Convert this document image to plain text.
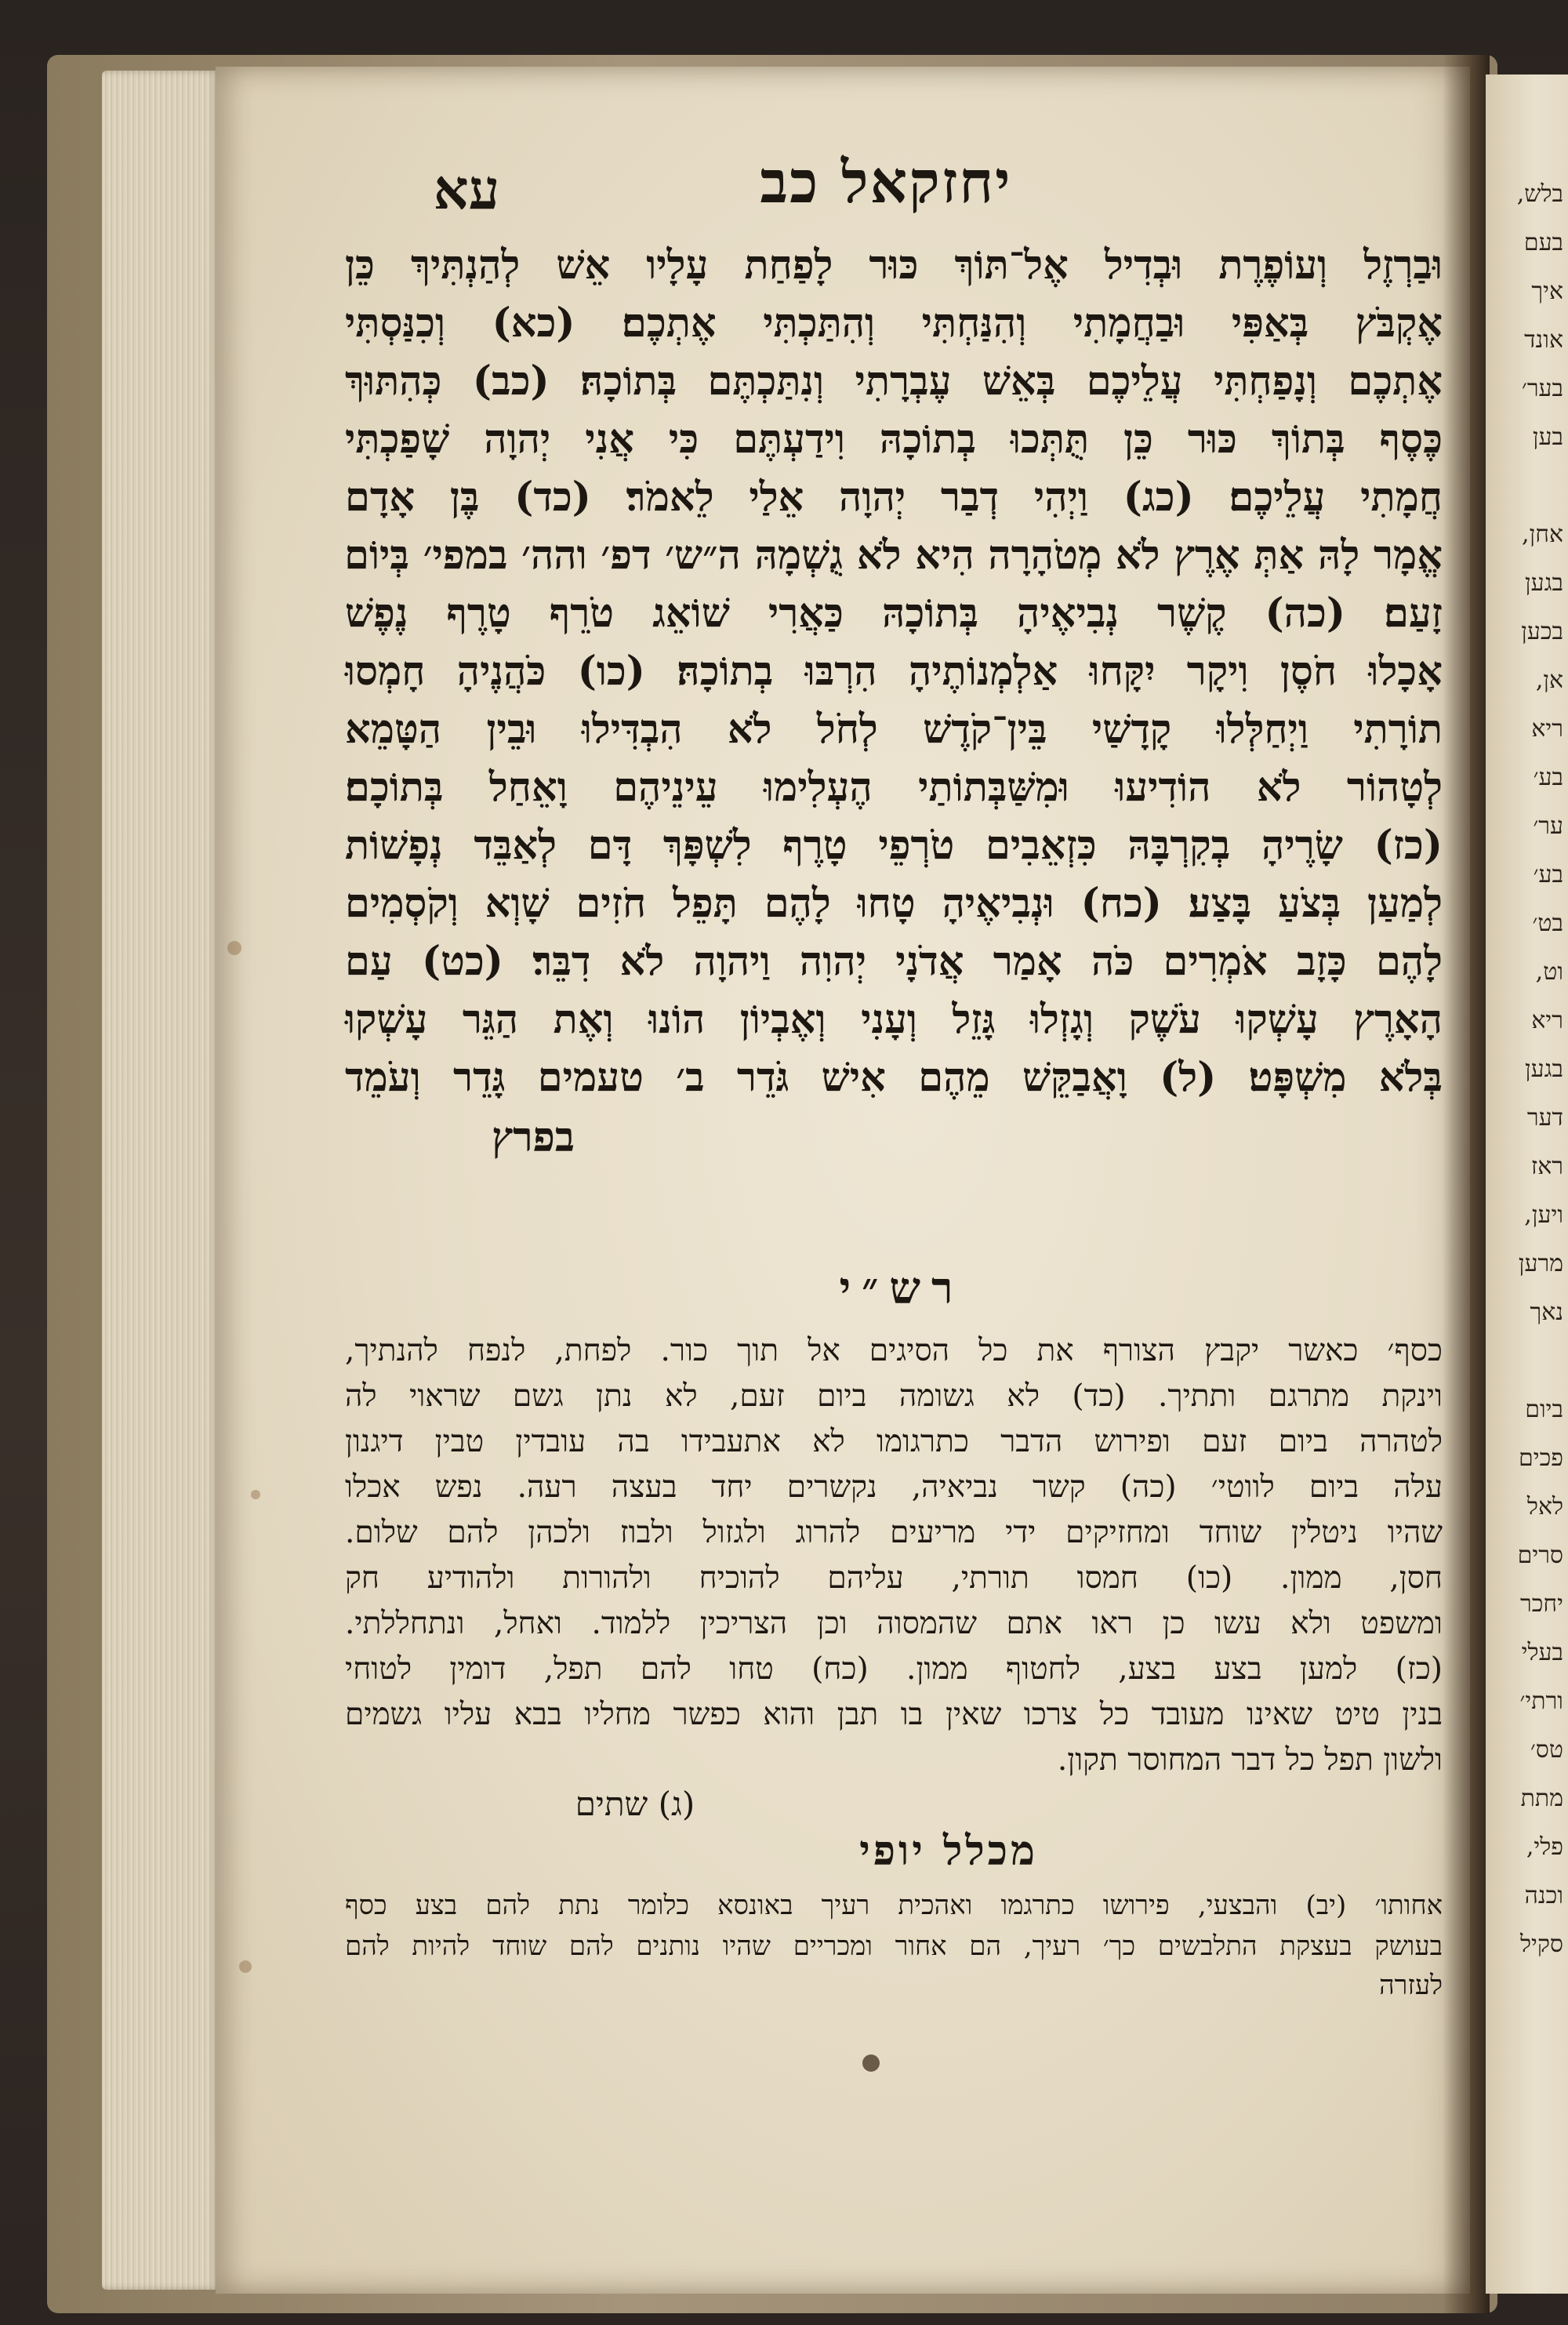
בלש,
בעם
איך
אונד
בער׳
בען
אחן,
בגען
בכען
אן,
ריא
בע׳
ער׳
בע׳
בט׳
וט,
ריא
בגען
דער
ראז
ויען,
מרען
נאך
ביום
פכים
לאל
סרים
יחכר
בעלי
ורתי׳
טס׳
מתת
פלי,
וכנה
סקיל
יחזקאל כב
עא
וּבַרְזֶל וְעוֹפֶרֶת וּבְדִיל אֶל־תּוֹךְ כּוּר לָפַחַת עָלָיו אֵשׁ לְהַנְתִּיךְ כֵּן
אֶקְבֹּץ בְּאַפִּי וּבַחֲמָתִי וְהִנַּחְתִּי וְהִתַּכְתִּי אֶתְכֶם׃ (כא) וְכִנַּסְתִּי
אֶתְכֶם וְנָפַחְתִּי עֲלֵיכֶם בְּאֵשׁ עֶבְרָתִי וְנִתַּכְתֶּם בְּתוֹכָהּ׃ (כב) כְּהִתּוּךְ
כֶּסֶף בְּתוֹךְ כּוּר כֵּן תֻּתְּכוּ בְתוֹכָהּ וִידַעְתֶּם כִּי אֲנִי יְהוָה שָׁפַכְתִּי
חֲמָתִי עֲלֵיכֶם׃ (כג) וַיְהִי דְבַר יְהוָה אֵלַי לֵאמֹר׃ (כד) בֶּן אָדָם
אֱמָר לָהּ אַתְּ אֶרֶץ לֹא מְטֹהָרָה הִיא לֹא גֻשְׁמָהּ ה״ש׳ דפ׳ והה׳ במפי׳ בְּיוֹם
זָעַם׃ (כה) קֶשֶׁר נְבִיאֶיהָ בְּתוֹכָהּ כַּאֲרִי שׁוֹאֵג טֹרֵף טָרֶף נֶפֶשׁ
אָכָלוּ חֹסֶן וִיקָר יִקָּחוּ אַלְמְנוֹתֶיהָ הִרְבּוּ בְתוֹכָהּ׃ (כו) כֹּהֲנֶיהָ חָמְסוּ
תוֹרָתִי וַיְחַלְּלוּ קָדָשַׁי בֵּין־קֹדֶשׁ לְחֹל לֹא הִבְדִּילוּ וּבֵין הַטָּמֵא
לְטָהוֹר לֹא הוֹדִיעוּ וּמִשַּׁבְּתוֹתַי הֶעְלִימוּ עֵינֵיהֶם וָאֵחַל בְּתוֹכָם׃
(כז) שָׂרֶיהָ בְקִרְבָּהּ כִּזְאֵבִים טֹרְפֵי טָרֶף לִשְׁפָּךְ דָּם לְאַבֵּד נְפָשׁוֹת
לְמַעַן בְּצֹעַ בָּצַע׃ (כח) וּנְבִיאֶיהָ טָחוּ לָהֶם תָּפֵל חֹזִים שָׁוְא וְקֹסְמִים
לָהֶם כָּזָב אֹמְרִים כֹּה אָמַר אֲדֹנָי יְהוִה וַיהוָה לֹא דִבֵּר׃ (כט) עַם
הָאָרֶץ עָשְׁקוּ עֹשֶׁק וְגָזְלוּ גָּזֵל וְעָנִי וְאֶבְיוֹן הוֹנוּ וְאֶת הַגֵּר עָשְׁקוּ
בְּלֹא מִשְׁפָּט׃ (ל) וָאֲבַקֵּשׁ מֵהֶם אִישׁ גֹּדֵר ב׳ טעמים גָּדֵר וְעֹמֵד
בפרץ
רש״י
כסף׳ כאשר יקבץ הצורף את כל הסיגים אל תוך כור. לפחת, לנפח להנתיך,
וינקת מתרגם ותתיך. (כד) לא גשומה ביום זעם, לא נתן גשם שראוי לה
לטהרה ביום זעם ופירוש הדבר כתרגומו לא אתעבידו בה עובדין טבין דיגנון
עלה ביום לווטי׳ (כה) קשר נביאיה, נקשרים יחד בעצה רעה. נפש אכלו
שהיו ניטלין שוחד ומחזיקים ידי מריעים להרוג ולגזול ולבוז ולכהן להם שלום.
חסן, ממון. (כו) חמסו תורתי, עליהם להוכיח ולהורות ולהודיע חק
ומשפט ולא עשו כן ראו אתם שהמסוה וכן הצריכין ללמוד. ואחל, ונתחללתי.
(כז) למען בצע בצע, לחטוף ממון. (כח) טחו להם תפל, דומין לטוחי
בנין טיט שאינו מעובד כל צרכו שאין בו תבן והוא כפשר מחליו בבא עליו גשמים
ולשון תפל כל דבר המחוסר תקון.
(ג) שתים
מכלל יופי
אחותו׳ (יב) והבצעי, פירושו כתרגמו ואהכית רעיך באונסא כלומר נתת להם בצע כסף
בעושק בעצקת התלבשים כך׳ רעיך, הם אחור ומכריים שהיו נותנים להם שוחד להיות להם
לעזרה
